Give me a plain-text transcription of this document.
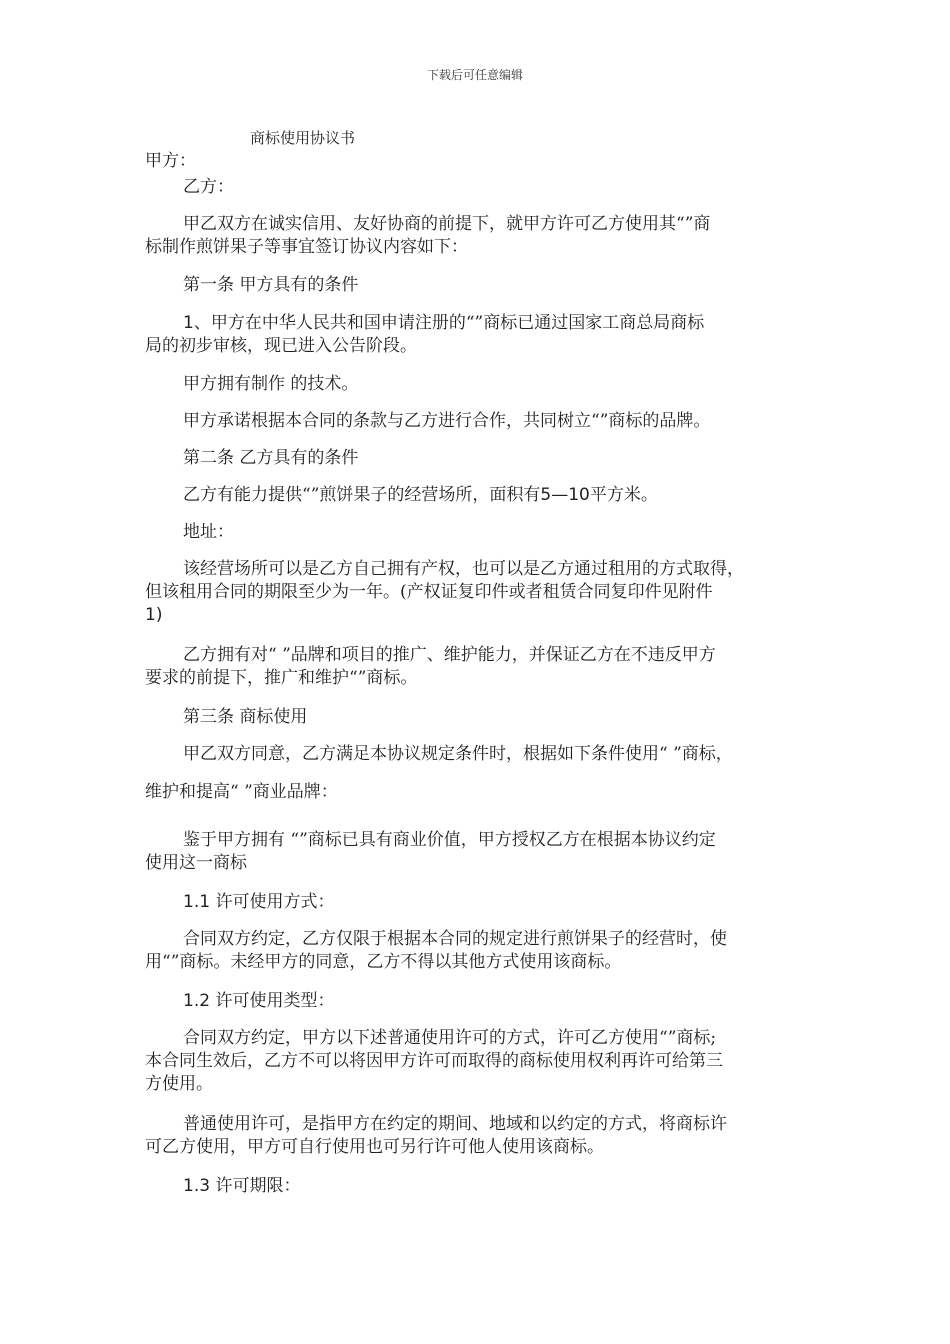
下载后可任意编辑
商标使用协议书
甲方：
乙方：
甲乙双方在诚实信用、友好协商的前提下，就甲方许可乙方使用其“”商
标制作煎饼果子等事宜签订协议内容如下：
第一条 甲方具有的条件
1、甲方在中华人民共和国申请注册的“”商标已通过国家工商总局商标
局的初步审核，现已进入公告阶段。
甲方拥有制作 的技术。
甲方承诺根据本合同的条款与乙方进行合作，共同树立“”商标的品牌。
第二条 乙方具有的条件
乙方有能力提供“”煎饼果子的经营场所，面积有5—10平方米。
地址：
该经营场所可以是乙方自己拥有产权，也可以是乙方通过租用的方式取得，
但该租用合同的期限至少为一年。(产权证复印件或者租赁合同复印件见附件
1)
乙方拥有对“ ”品牌和项目的推广、维护能力，并保证乙方在不违反甲方
要求的前提下，推广和维护“”商标。
第三条 商标使用
甲乙双方同意，乙方满足本协议规定条件时，根据如下条件使用“ ”商标，
维护和提高“ ”商业品牌：
鉴于甲方拥有 “”商标已具有商业价值，甲方授权乙方在根据本协议约定
使用这一商标
1.1 许可使用方式：
合同双方约定，乙方仅限于根据本合同的规定进行煎饼果子的经营时，使
用“”商标。未经甲方的同意，乙方不得以其他方式使用该商标。
1.2 许可使用类型：
合同双方约定，甲方以下述普通使用许可的方式，许可乙方使用“”商标;
本合同生效后，乙方不可以将因甲方许可而取得的商标使用权利再许可给第三
方使用。
普通使用许可，是指甲方在约定的期间、地域和以约定的方式，将商标许
可乙方使用，甲方可自行使用也可另行许可他人使用该商标。
1.3 许可期限：
